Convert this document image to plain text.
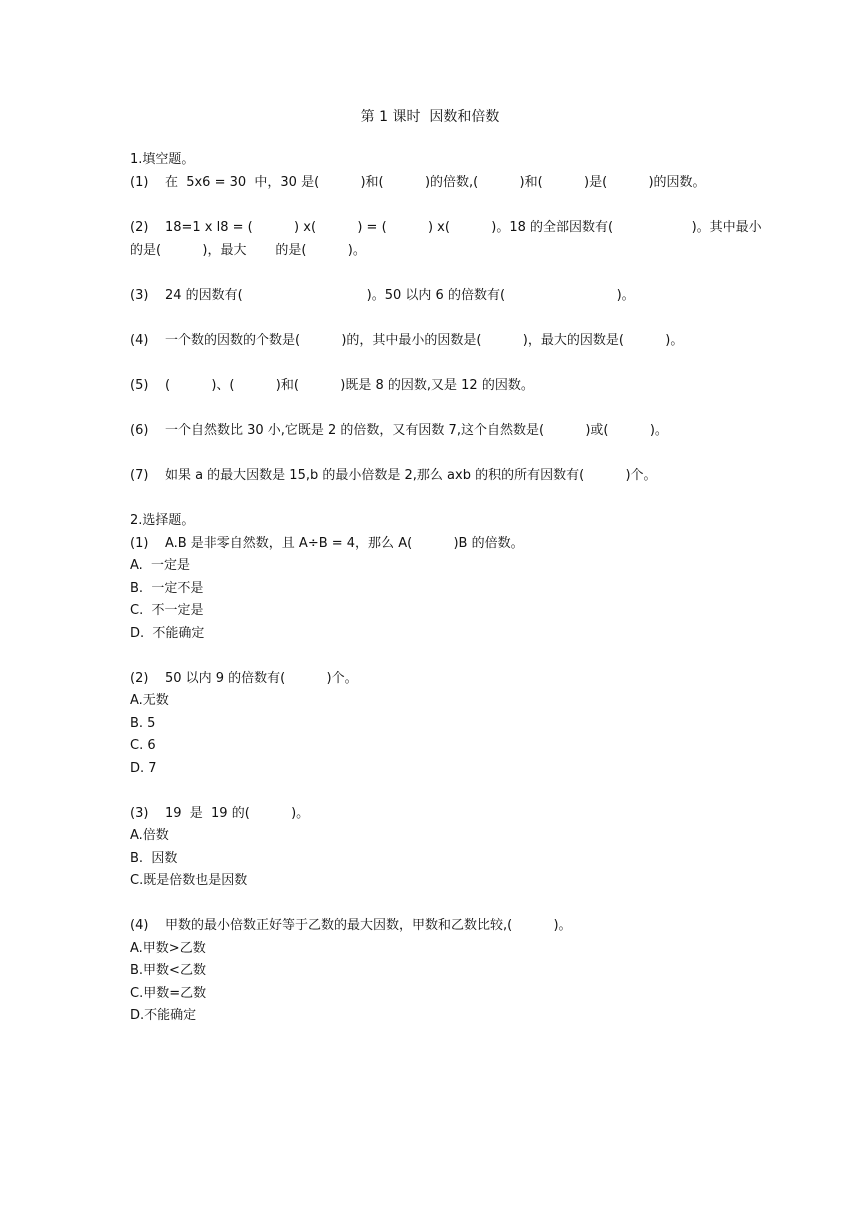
第 1 课时  因数和倍数
1.填空题。
(1)    在  5x6 = 30  中，30 是(          )和(          )的倍数,(          )和(          )是(          )的因数。
(2)    18=1 x l8 = (          ) x(          ) = (          ) x(          )。18 的全部因数有(                   )。其中最小
的是(          )，最大       的是(          )。
(3)    24 的因数有(                              )。50 以内 6 的倍数有(                           )。
(4)    一个数的因数的个数是(          )的，其中最小的因数是(          )，最大的因数是(          )。
(5)    (          )、(          )和(          )既是 8 的因数,又是 12 的因数。
(6)    一个自然数比 30 小,它既是 2 的倍数，又有因数 7,这个自然数是(          )或(          )。
(7)    如果 a 的最大因数是 15,b 的最小倍数是 2,那么 axb 的积的所有因数有(          )个。
2.选择题。
(1)    A.B 是非零自然数，且 A÷B = 4，那么 A(          )B 的倍数。
A.  一定是
B.  一定不是
C.  不一定是
D.  不能确定
(2)    50 以内 9 的倍数有(          )个。
A.无数
B. 5
C. 6
D. 7
(3)    19  是  19 的(          )。
A.倍数
B.  因数
C.既是倍数也是因数
(4)    甲数的最小倍数正好等于乙数的最大因数，甲数和乙数比较,(          )。
A.甲数>乙数
B.甲数<乙数
C.甲数=乙数
D.不能确定
